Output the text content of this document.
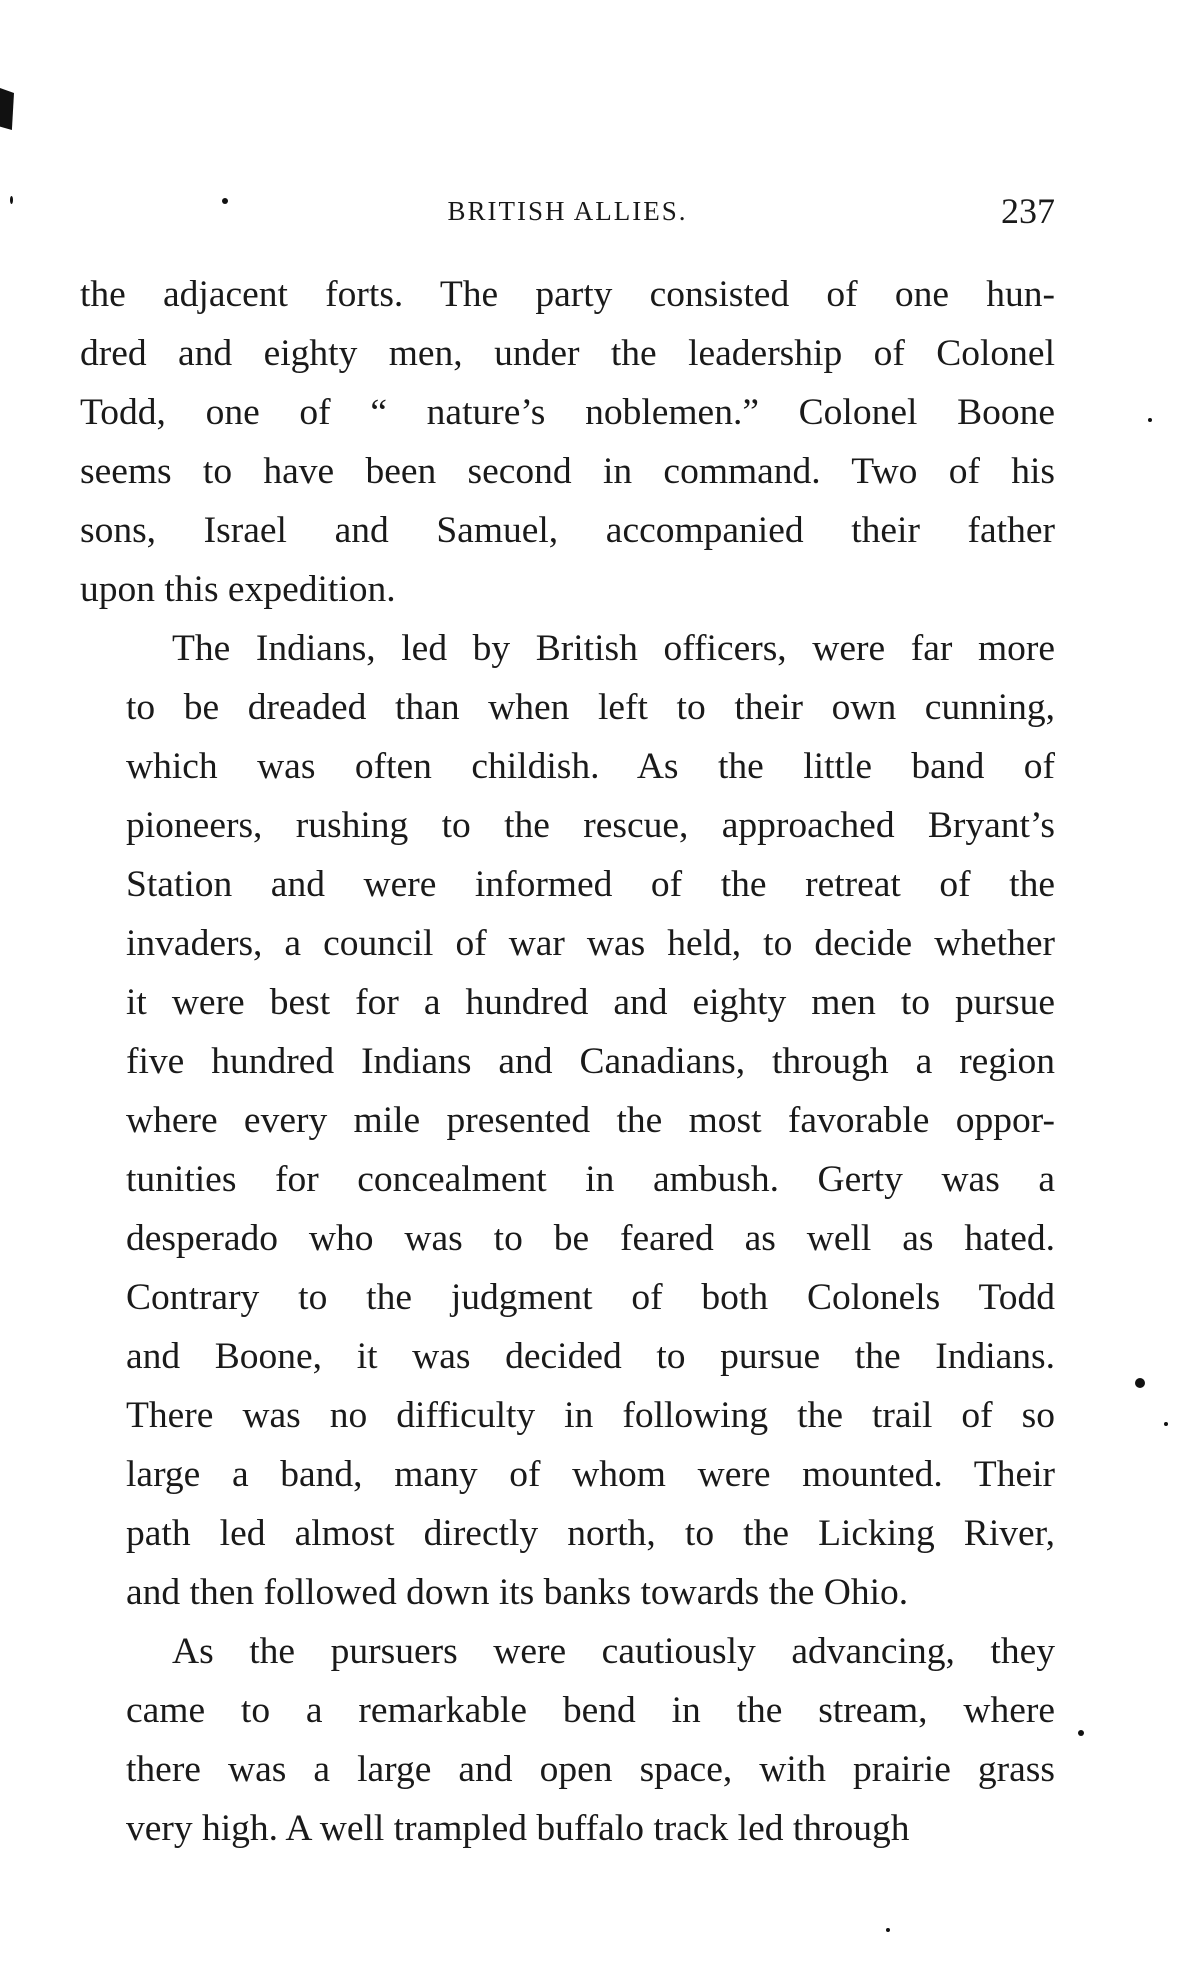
BRITISH ALLIES.	237

the adjacent forts. The party consisted of one hun-
dred and eighty men, under the leadership of Colonel
Todd, one of “ nature’s noblemen.” Colonel Boone
seems to have been second in command. Two of his
sons, Israel and Samuel, accompanied their father
upon this expedition.

The Indians, led by British officers, were far more
to be dreaded than when left to their own cunning,
which was often childish. As the little band of
pioneers, rushing to the rescue, approached Bryant’s
Station and were informed of the retreat of the
invaders, a council of war was held, to decide whether
it were best for a hundred and eighty men to pursue
five hundred Indians and Canadians, through a region
where every mile presented the most favorable oppor-
tunities for concealment in ambush. Gerty was a
desperado who was to be feared as well as hated.
Contrary to the judgment of both Colonels Todd
and Boone, it was decided to pursue the Indians.
There was no difficulty in following the trail of so
large a band, many of whom were mounted. Their
path led almost directly north, to the Licking River,
and then followed down its banks towards the Ohio.

As the pursuers were cautiously advancing, they
came to a remarkable bend in the stream, where
there was a large and open space, with prairie grass
very high. A well trampled buffalo track led through
